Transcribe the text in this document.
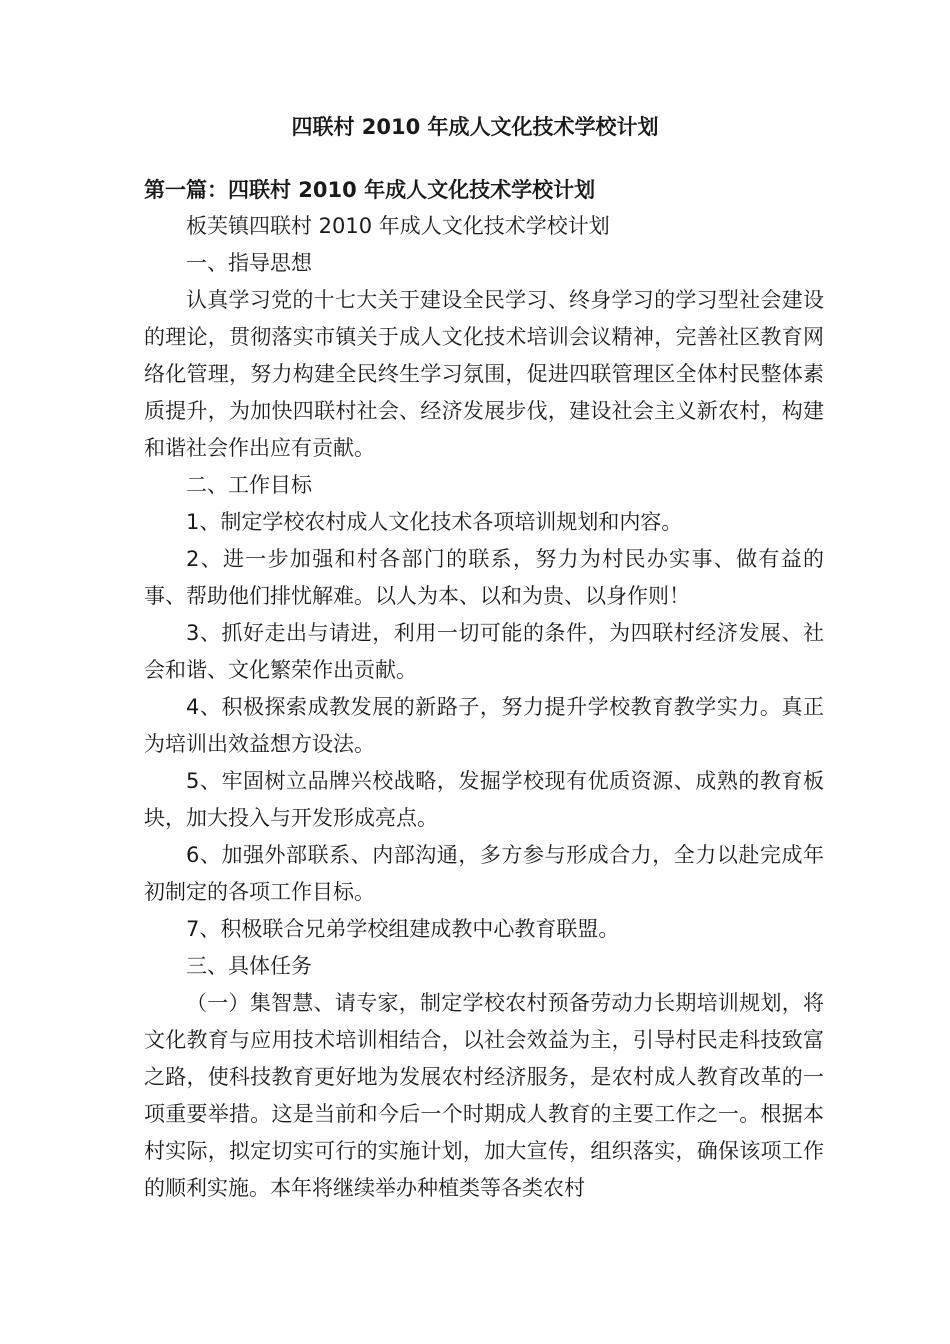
四联村 2010 年成人文化技术学校计划
第一篇：四联村 2010 年成人文化技术学校计划

板芙镇四联村 2010 年成人文化技术学校计划

一、指导思想

认真学习党的十七大关于建设全民学习、终身学习的学习型社会建设的理论，贯彻落实市镇关于成人文化技术培训会议精神，完善社区教育网络化管理，努力构建全民终生学习氛围，促进四联管理区全体村民整体素质提升，为加快四联村社会、经济发展步伐，建设社会主义新农村，构建和谐社会作出应有贡献。

二、工作目标

1、制定学校农村成人文化技术各项培训规划和内容。

2、进一步加强和村各部门的联系，努力为村民办实事、做有益的事、帮助他们排忧解难。以人为本、以和为贵、以身作则！

3、抓好走出与请进，利用一切可能的条件，为四联村经济发展、社会和谐、文化繁荣作出贡献。

4、积极探索成教发展的新路子，努力提升学校教育教学实力。真正为培训出效益想方设法。

5、牢固树立品牌兴校战略，发掘学校现有优质资源、成熟的教育板块，加大投入与开发形成亮点。

6、加强外部联系、内部沟通，多方参与形成合力，全力以赴完成年初制定的各项工作目标。

7、积极联合兄弟学校组建成教中心教育联盟。

三、具体任务

（一）集智慧、请专家，制定学校农村预备劳动力长期培训规划，将文化教育与应用技术培训相结合，以社会效益为主，引导村民走科技致富之路，使科技教育更好地为发展农村经济服务，是农村成人教育改革的一项重要举措。这是当前和今后一个时期成人教育的主要工作之一。根据本村实际，拟定切实可行的实施计划，加大宣传，组织落实，确保该项工作的顺利实施。本年将继续举办种植类等各类农村
